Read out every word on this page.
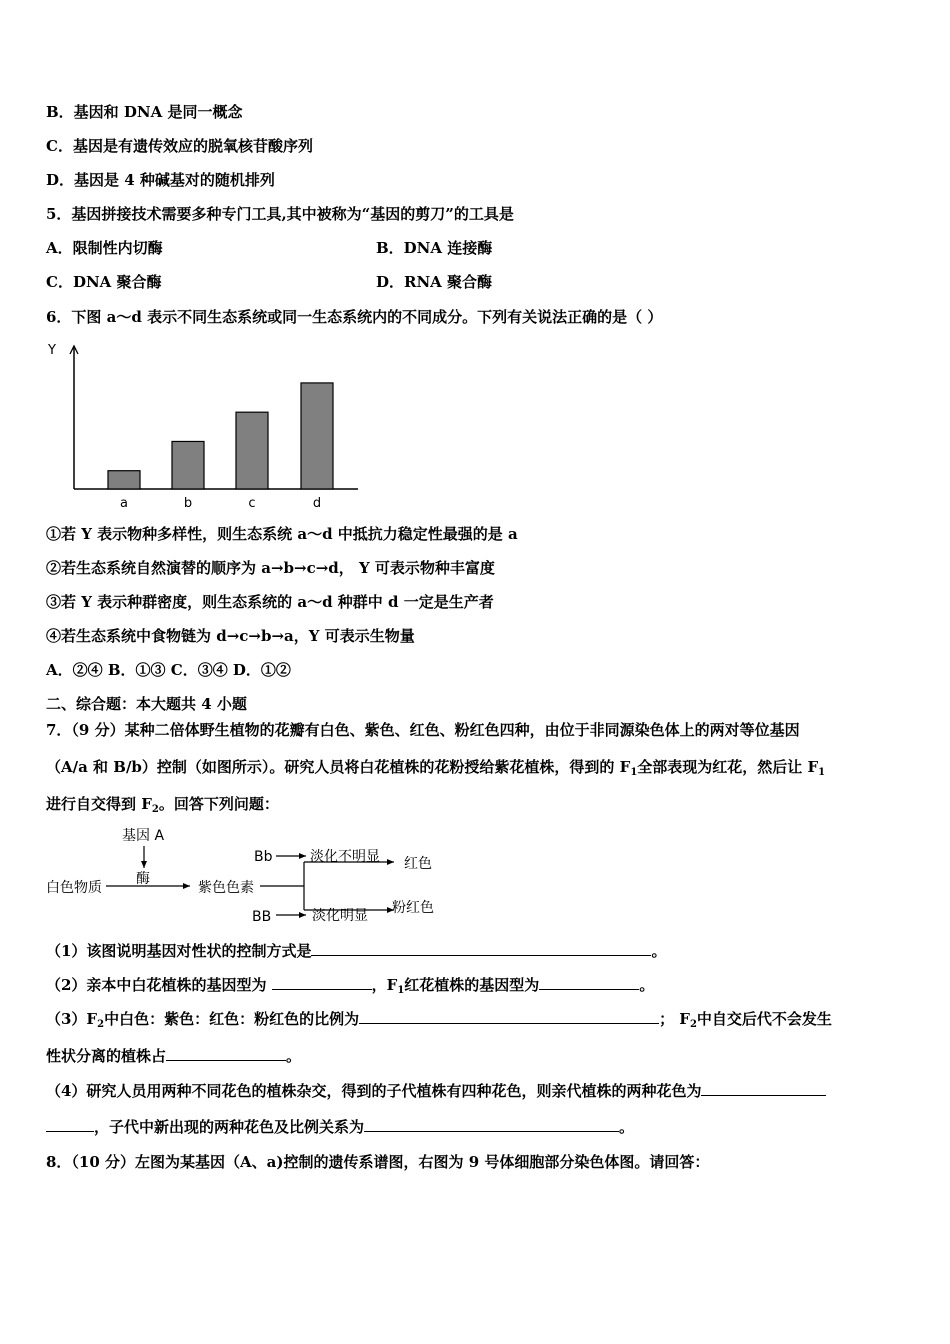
B．基因和 DNA 是同一概念
C．基因是有遗传效应的脱氧核苷酸序列
D．基因是 4 种碱基对的随机排列
5．基因拼接技术需要多种专门工具,其中被称为“基因的剪刀”的工具是
A．限制性内切酶	B．DNA 连接酶
C．DNA 聚合酶	D．RNA 聚合酶
6．下图 a～d 表示不同生态系统或同一生态系统内的不同成分。下列有关说法正确的是（ ）
Y
a	b	c	d
①若 Y 表示物种多样性，则生态系统 a～d 中抵抗力稳定性最强的是 a
②若生态系统自然演替的顺序为 a→b→c→d， Y 可表示物种丰富度
③若 Y 表示种群密度，则生态系统的 a～d 种群中 d 一定是生产者
④若生态系统中食物链为 d→c→b→a，Y 可表示生物量
A．②④ B．①③ C．③④ D．①②
二、综合题：本大题共 4 小题
7．（9 分）某种二倍体野生植物的花瓣有白色、紫色、红色、粉红色四种，由位于非同源染色体上的两对等位基因
（A/a 和 B/b）控制（如图所示）。研究人员将白花植株的花粉授给紫花植株，得到的 $F_1$全部表现为红花，然后让 $F_1$
进行自交得到 $F_2$。回答下列问题：
基因 A
酶
白色物质	紫色色素
Bb	淡化不明显 红色
BB	淡化明显 粉红色
（1）该图说明基因对性状的控制方式是	。
（2）亲本中白花植株的基因型为	，$F_1$红花植株的基因型为	。
$(3)F_2$中白色：紫色：红色：粉红色的比例为	； $F_2$中自交后代不会发生
性状分离的植株占	。
（4）研究人员用两种不同花色的植株杂交，得到的子代植株有四种花色，则亲代植株的两种花色为
，子代中新出现的两种花色及比例关系为	。
8．（10 分）左图为某基因（A、a)控制的遗传系谱图，右图为 9 号体细胞部分染色体图。请回答：
